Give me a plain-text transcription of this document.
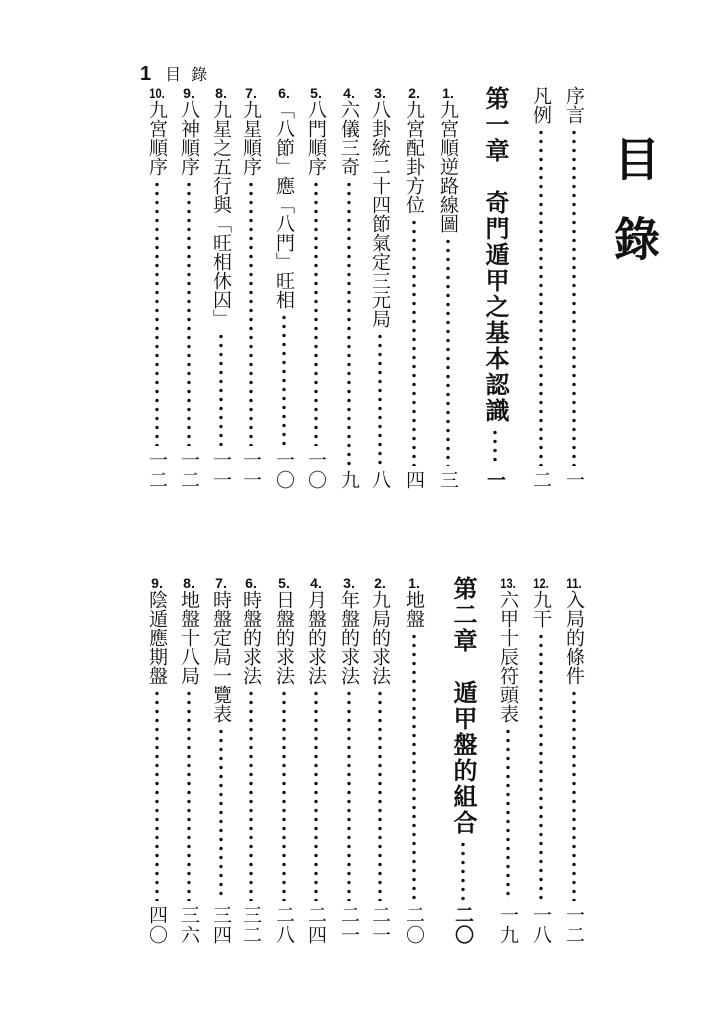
1 目錄
目錄
序言
一
凡例
二
第一章　奇門遁甲之基本認識
一
1.
九宮順逆路線圖
三
2.
九宮配卦方位
四
3.
八卦統二十四節氣定三元局
八
4.
六儀三奇
九
5.
八門順序
一〇
6.
「八節」應「八門」旺相
一〇
7.
九星順序
一一
8.
九星之五行與「旺相休囚」
一一
9.
八神順序
一二
10.
九宮順序
一二
11.
入局的條件
一二
12.
九干
一八
13.
六甲十辰符頭表
一九
第二章　遁甲盤的組合
二〇
1.
地盤
二〇
2.
九局的求法
二一
3.
年盤的求法
二一
4.
月盤的求法
二四
5.
日盤的求法
二八
6.
時盤的求法
三二
7.
時盤定局一覽表
三四
8.
地盤十八局
三六
9.
陰遁應期盤
四〇
